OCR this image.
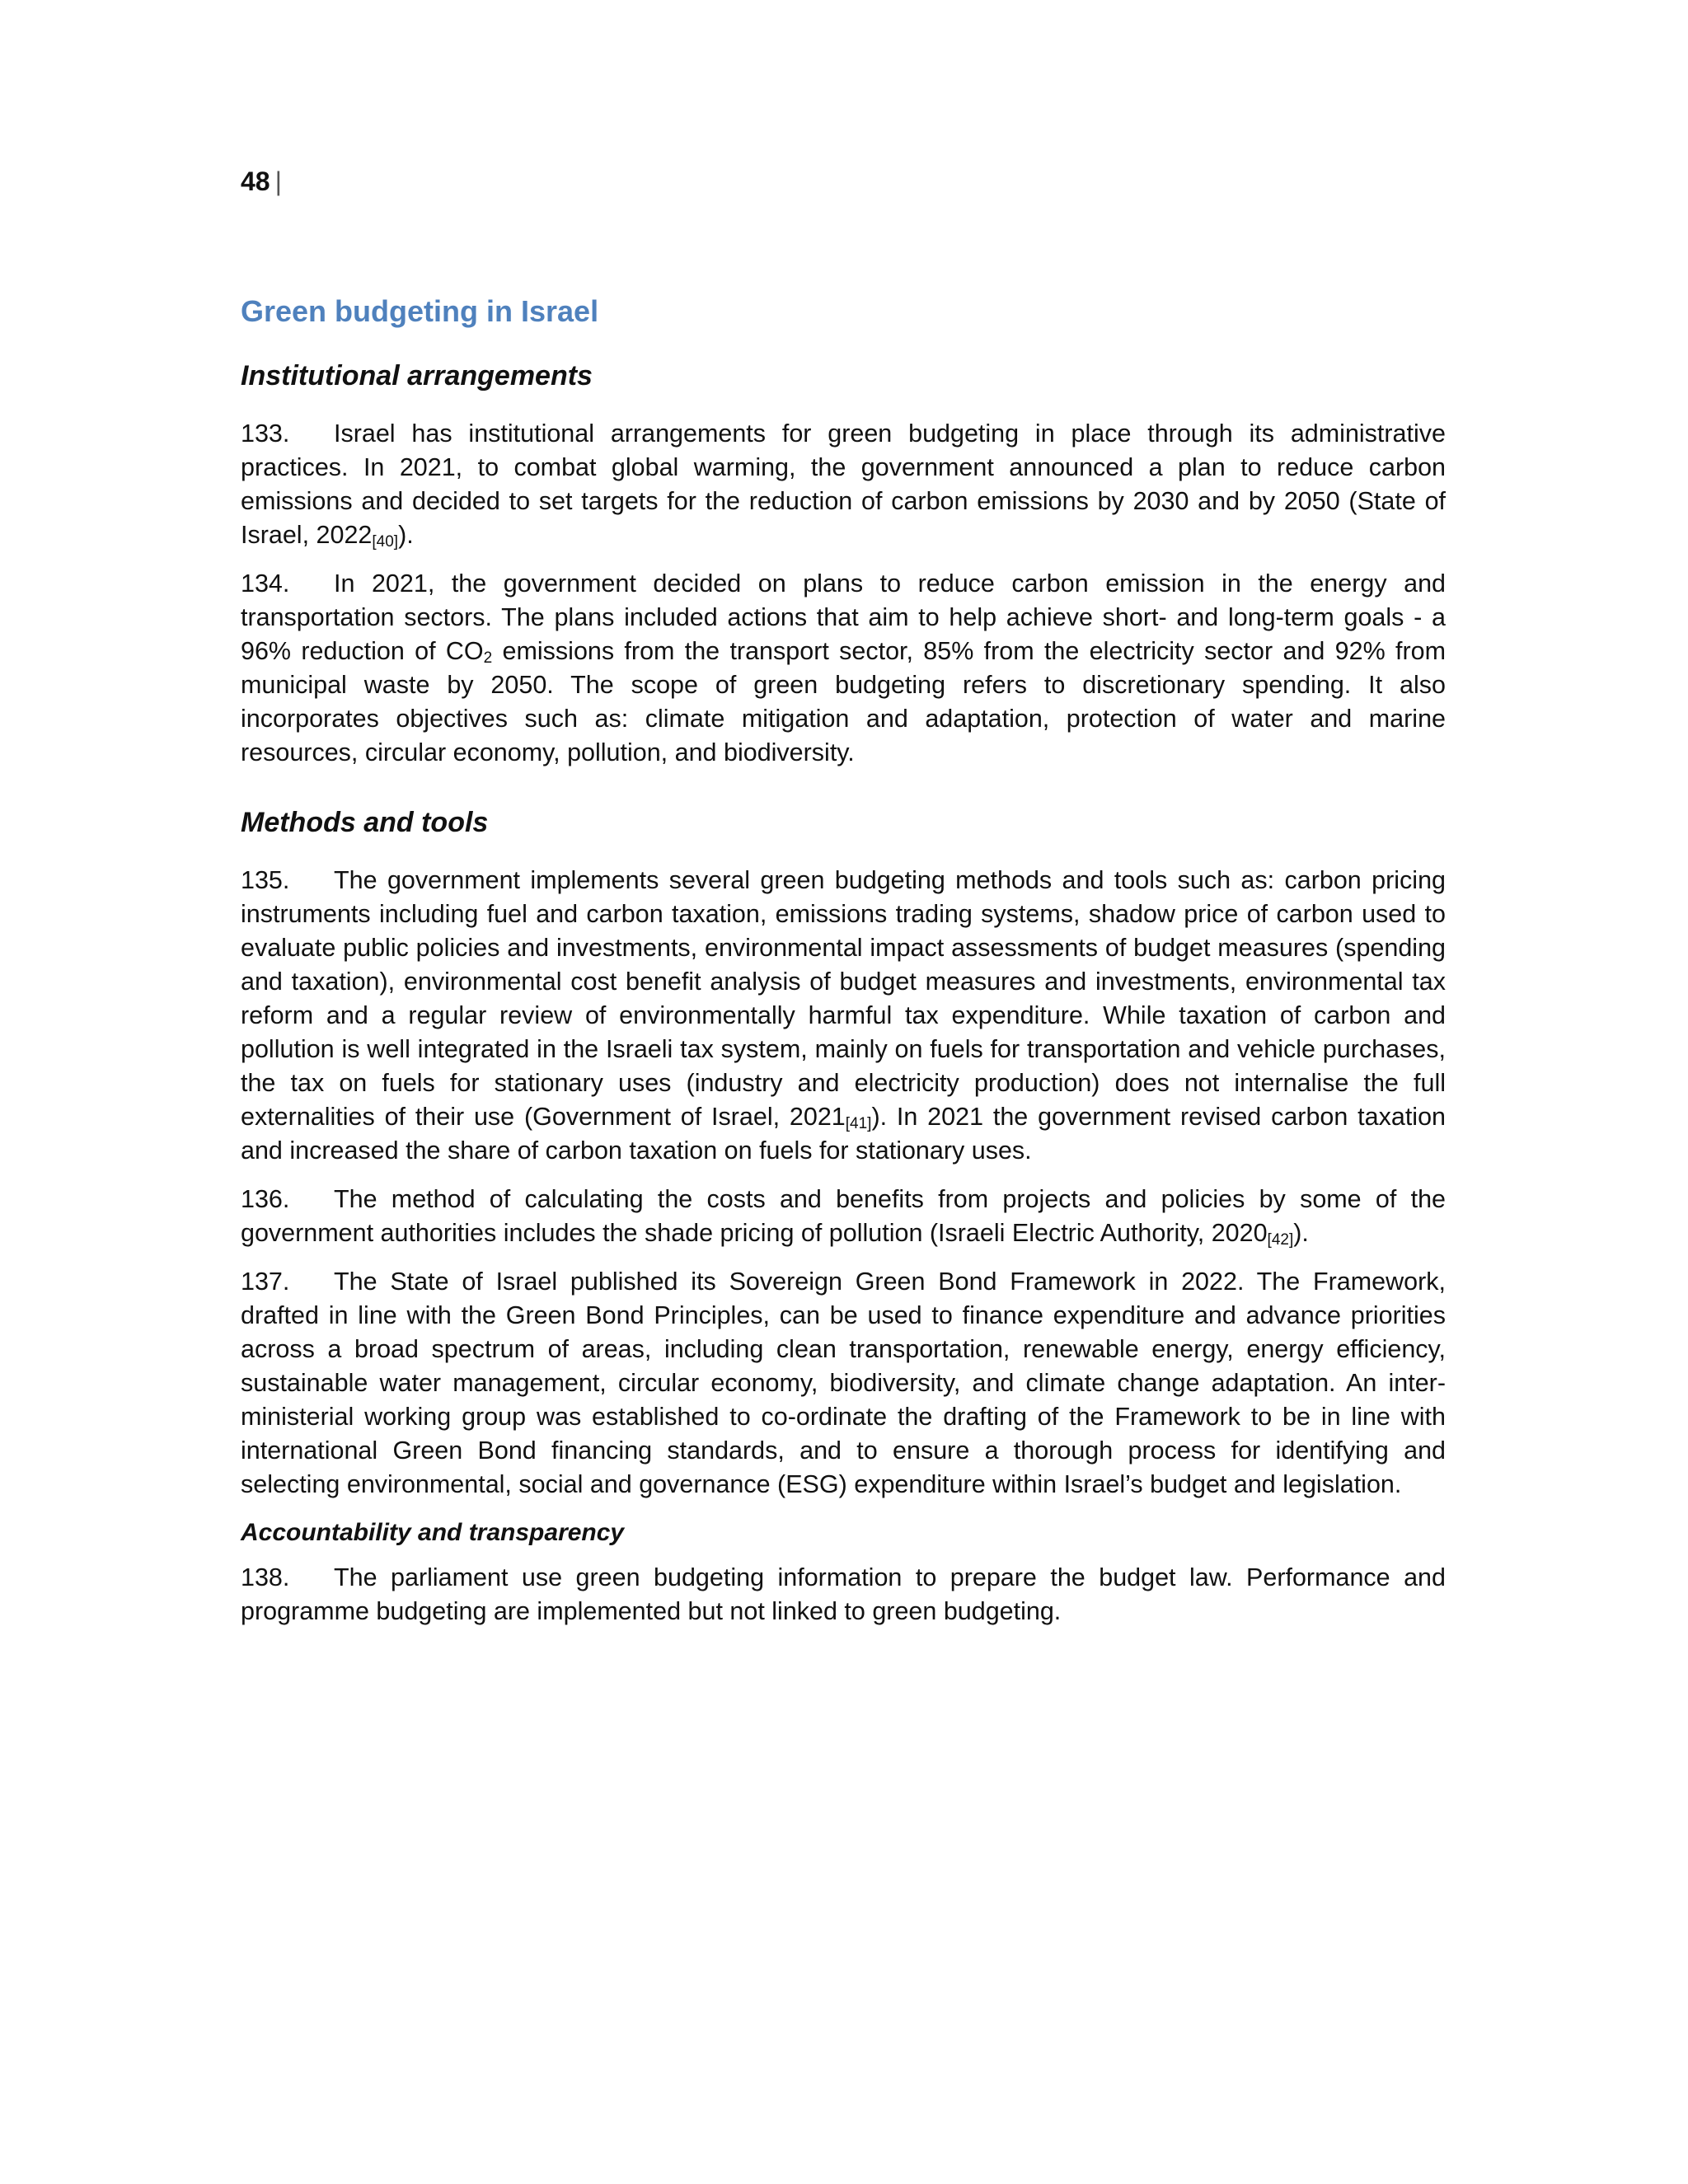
48 |
Green budgeting in Israel
Institutional arrangements

133. Israel has institutional arrangements for green budgeting in place through its administrative practices. In 2021, to combat global warming, the government announced a plan to reduce carbon emissions and decided to set targets for the reduction of carbon emissions by 2030 and by 2050 (State of Israel, 2022[40]).

134. In 2021, the government decided on plans to reduce carbon emission in the energy and transportation sectors. The plans included actions that aim to help achieve short- and long-term goals - a 96% reduction of $CO_2$ emissions from the transport sector, 85% from the electricity sector and 92% from municipal waste by 2050. The scope of green budgeting refers to discretionary spending. It also incorporates objectives such as: climate mitigation and adaptation, protection of water and marine resources, circular economy, pollution, and biodiversity.

Methods and tools

135. The government implements several green budgeting methods and tools such as: carbon pricing instruments including fuel and carbon taxation, emissions trading systems, shadow price of carbon used to evaluate public policies and investments, environmental impact assessments of budget measures (spending and taxation), environmental cost benefit analysis of budget measures and investments, environmental tax reform and a regular review of environmentally harmful tax expenditure. While taxation of carbon and pollution is well integrated in the Israeli tax system, mainly on fuels for transportation and vehicle purchases, the tax on fuels for stationary uses (industry and electricity production) does not internalise the full externalities of their use (Government of Israel, 2021[41]). In 2021 the government revised carbon taxation and increased the share of carbon taxation on fuels for stationary uses.

136. The method of calculating the costs and benefits from projects and policies by some of the government authorities includes the shade pricing of pollution (Israeli Electric Authority, 2020[42]).

137. The State of Israel published its Sovereign Green Bond Framework in 2022. The Framework, drafted in line with the Green Bond Principles, can be used to finance expenditure and advance priorities across a broad spectrum of areas, including clean transportation, renewable energy, energy efficiency, sustainable water management, circular economy, biodiversity, and climate change adaptation. An inter-ministerial working group was established to co-ordinate the drafting of the Framework to be in line with international Green Bond financing standards, and to ensure a thorough process for identifying and selecting environmental, social and governance (ESG) expenditure within Israel’s budget and legislation.

Accountability and transparency

138. The parliament use green budgeting information to prepare the budget law. Performance and programme budgeting are implemented but not linked to green budgeting.
